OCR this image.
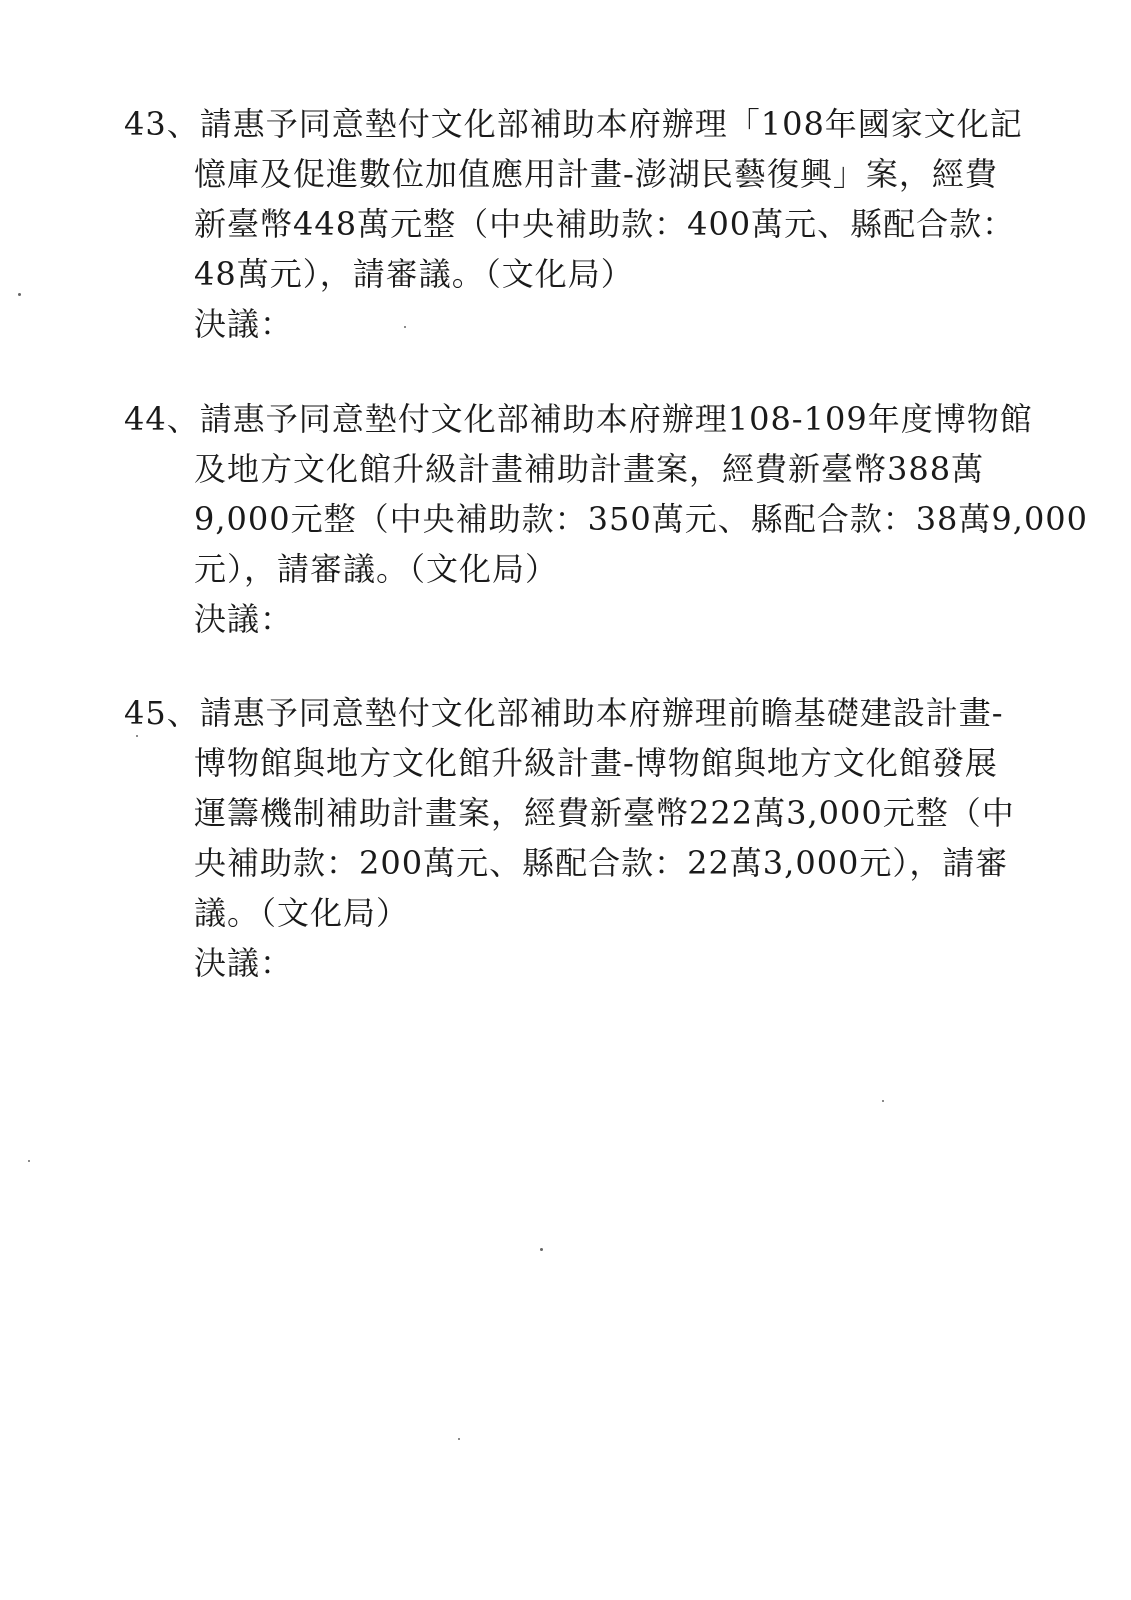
43、請惠予同意墊付文化部補助本府辦理「108年國家文化記
憶庫及促進數位加值應用計畫-澎湖民藝復興」案，經費
新臺幣448萬元整（中央補助款：400萬元、縣配合款：
48萬元），請審議。（文化局）
決議：
44、請惠予同意墊付文化部補助本府辦理108-109年度博物館
及地方文化館升級計畫補助計畫案，經費新臺幣388萬
9,000元整（中央補助款：350萬元、縣配合款：38萬9,000
元），請審議。（文化局）
決議：
45、請惠予同意墊付文化部補助本府辦理前瞻基礎建設計畫-
博物館與地方文化館升級計畫-博物館與地方文化館發展
運籌機制補助計畫案，經費新臺幣222萬3,000元整（中
央補助款：200萬元、縣配合款：22萬3,000元），請審
議。（文化局）
決議：
